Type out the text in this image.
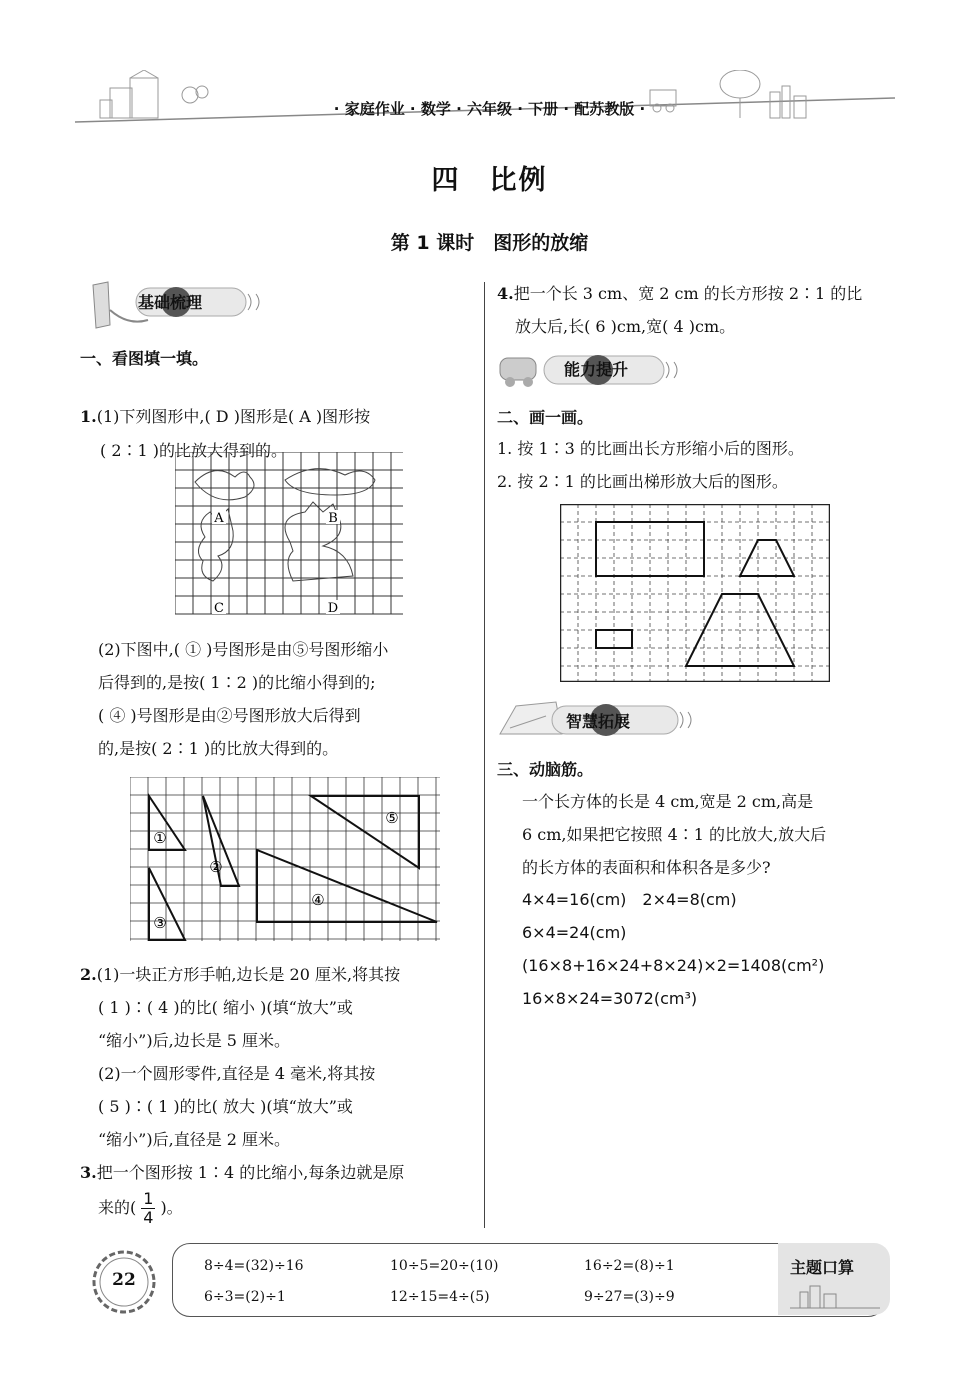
· 家庭作业 · 数学 · 六年级 · 下册 · 配苏教版 ·
四　比例
第 1 课时　图形的放缩
基础梳理
一、看图填一填。
1.(1)下列图形中,( D )图形是( A )图形按
( 2∶1 )的比放大得到的。
A	B
C	D
(2)下图中,( ① )号图形是由⑤号图形缩小
后得到的,是按( 1∶2 )的比缩小得到的;
( ④ )号图形是由②号图形放大后得到
的,是按( 2∶1 )的比放大得到的。
①
②
③
④
⑤
2.(1)一块正方形手帕,边长是 20 厘米,将其按
( 1 )∶( 4 )的比( 缩小 )(填“放大”或
“缩小”)后,边长是 5 厘米。
(2)一个圆形零件,直径是 4 毫米,将其按
( 5 )∶( 1 )的比( 放大 )(填“放大”或
“缩小”)后,直径是 2 厘米。
3.把一个图形按 1∶4 的比缩小,每条边就是原
来的( $\frac{1}{4}$ )。
4.把一个长 3 cm、宽 2 cm 的长方形按 2∶1 的比
放大后,长( 6 )cm,宽( 4 )cm。
能力提升
二、画一画。
1. 按 1∶3 的比画出长方形缩小后的图形。
2. 按 2∶1 的比画出梯形放大后的图形。
智慧拓展
三、动脑筋。
一个长方体的长是 4 cm,宽是 2 cm,高是
6 cm,如果把它按照 4∶1 的比放大,放大后
的长方体的表面积和体积各是多少?
4×4=16(cm)　2×4=8(cm)
6×4=24(cm)
(16×8+16×24+8×24)×2=1408(cm²)
16×8×24=3072(cm³)
22
主题口算
8÷4=(32)÷16	10÷5=20÷(10)	16÷2=(8)÷1
6÷3=(2)÷1	12÷15=4÷(5)	9÷27=(3)÷9
